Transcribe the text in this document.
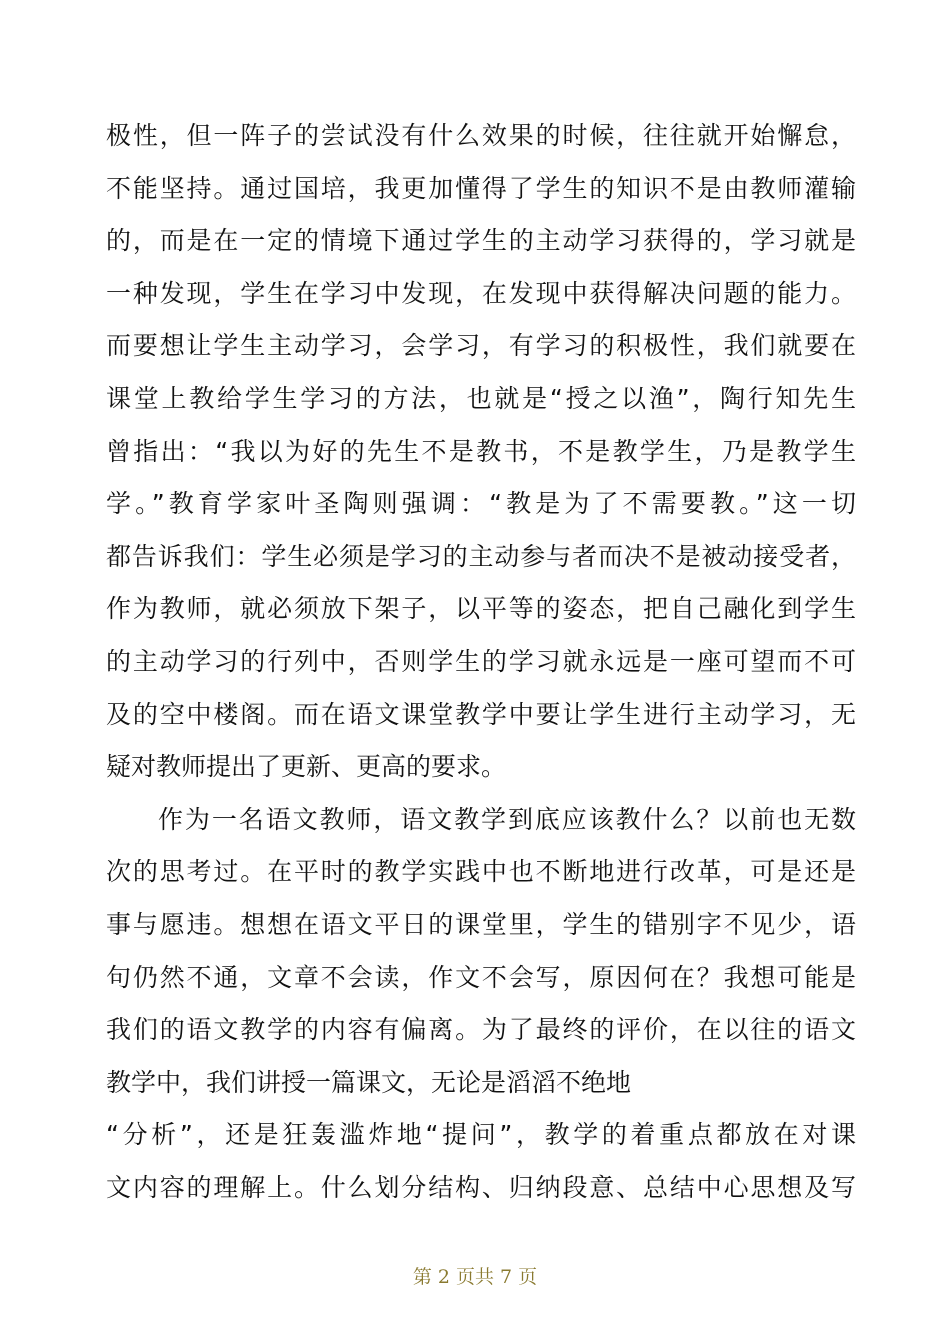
极性，但一阵子的尝试没有什么效果的时候，往往就开始懈怠，
不能坚持。通过国培，我更加懂得了学生的知识不是由教师灌输
的，而是在一定的情境下通过学生的主动学习获得的，学习就是
一种发现，学生在学习中发现，在发现中获得解决问题的能力。
而要想让学生主动学习，会学习，有学习的积极性，我们就要在
课堂上教给学生学习的方法，也就是“授之以渔”，陶行知先生
曾指出：“我以为好的先生不是教书，不是教学生，乃是教学生
学。”教育学家叶圣陶则强调：“教是为了不需要教。”这一切
都告诉我们：学生必须是学习的主动参与者而决不是被动接受者，
作为教师，就必须放下架子，以平等的姿态，把自己融化到学生
的主动学习的行列中，否则学生的学习就永远是一座可望而不可
及的空中楼阁。而在语文课堂教学中要让学生进行主动学习，无
疑对教师提出了更新、更高的要求。
作为一名语文教师，语文教学到底应该教什么？以前也无数
次的思考过。在平时的教学实践中也不断地进行改革，可是还是
事与愿违。想想在语文平日的课堂里，学生的错别字不见少，语
句仍然不通，文章不会读，作文不会写，原因何在？我想可能是
我们的语文教学的内容有偏离。为了最终的评价，在以往的语文
教学中，我们讲授一篇课文，无论是滔滔不绝地
“分析”，还是狂轰滥炸地“提问”，教学的着重点都放在对课
文内容的理解上。什么划分结构、归纳段意、总结中心思想及写
第 2 页共 7 页
